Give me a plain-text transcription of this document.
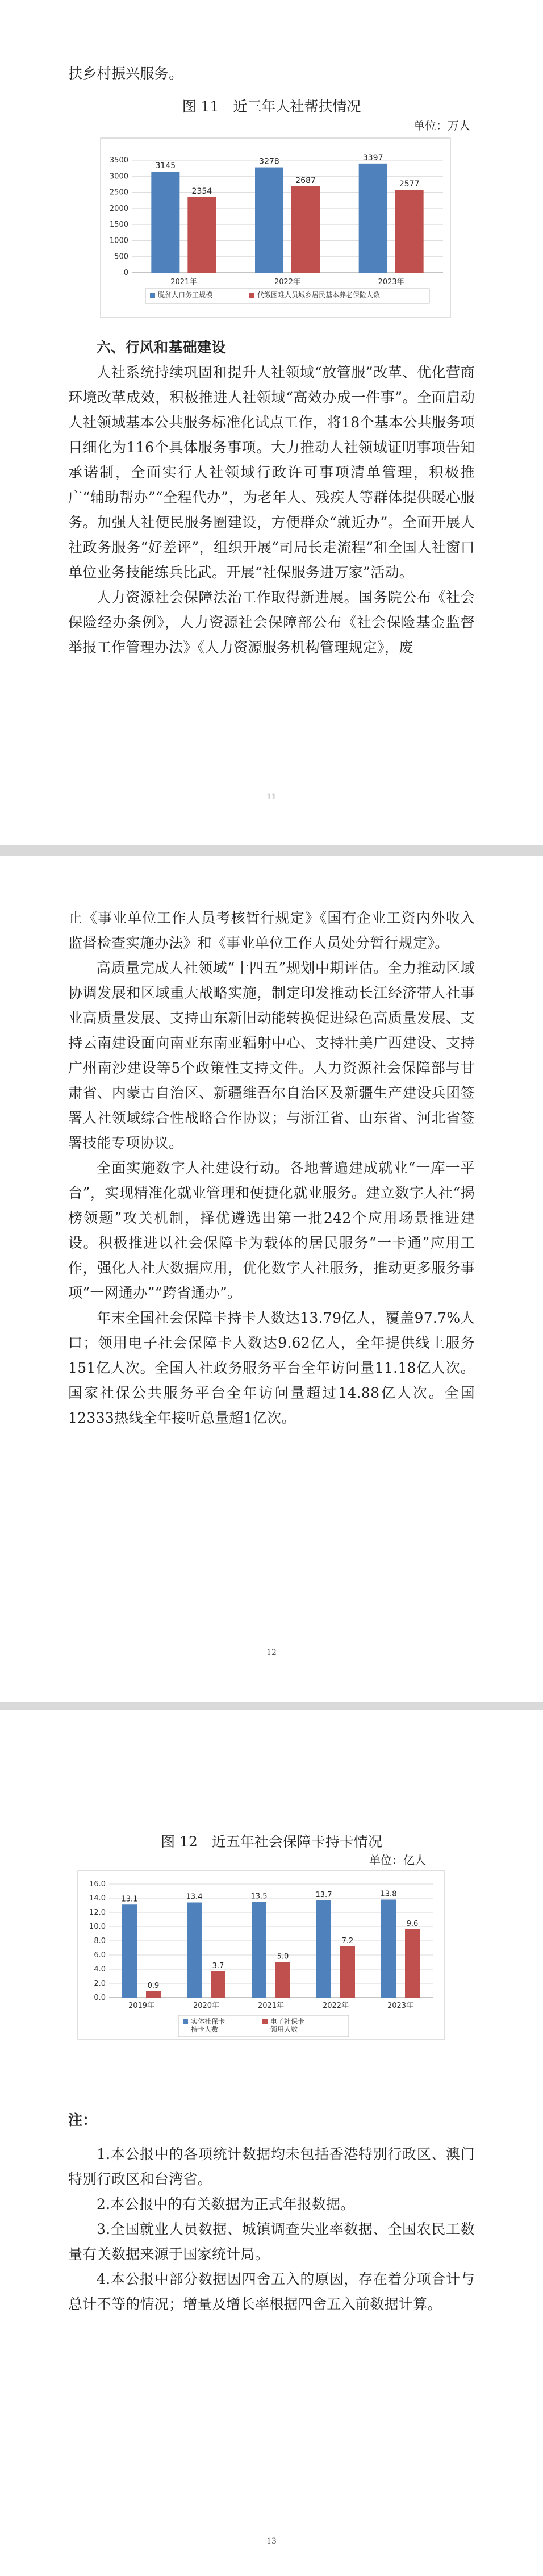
扶乡村振兴服务。

图 11　近三年人社帮扶情况
单位：万人
0
500
1000
1500
2000
2500
3000
3500
3145
2354
2021年
3278
2687
2022年
3397
2577
2023年
脱贫人口务工规模	代缴困难人员城乡居民基本养老保险人数

六、行风和基础建设

人社系统持续巩固和提升人社领域“放管服”改革、优化营商环境改革成效，积极推进人社领域“高效办成一件事”。全面启动人社领域基本公共服务标准化试点工作，将18个基本公共服务项目细化为116个具体服务事项。大力推动人社领域证明事项告知承诺制，全面实行人社领域行政许可事项清单管理，积极推广“辅助帮办”“全程代办”，为老年人、残疾人等群体提供暖心服务。加强人社便民服务圈建设，方便群众“就近办”。全面开展人社政务服务“好差评”，组织开展“司局长走流程”和全国人社窗口单位业务技能练兵比武。开展“社保服务进万家”活动。

人力资源社会保障法治工作取得新进展。国务院公布《社会保险经办条例》，人力资源社会保障部公布《社会保险基金监督举报工作管理办法》《人力资源服务机构管理规定》，废

11

止《事业单位工作人员考核暂行规定》《国有企业工资内外收入监督检查实施办法》和《事业单位工作人员处分暂行规定》。

高质量完成人社领域“十四五”规划中期评估。全力推动区域协调发展和区域重大战略实施，制定印发推动长江经济带人社事业高质量发展、支持山东新旧动能转换促进绿色高质量发展、支持云南建设面向南亚东南亚辐射中心、支持壮美广西建设、支持广州南沙建设等5个政策性支持文件。人力资源社会保障部与甘肃省、内蒙古自治区、新疆维吾尔自治区及新疆生产建设兵团签署人社领域综合性战略合作协议；与浙江省、山东省、河北省签署技能专项协议。

全面实施数字人社建设行动。各地普遍建成就业“一库一平台”，实现精准化就业管理和便捷化就业服务。建立数字人社“揭榜领题”攻关机制，择优遴选出第一批242个应用场景推进建设。积极推进以社会保障卡为载体的居民服务“一卡通”应用工作，强化人社大数据应用，优化数字人社服务，推动更多服务事项“一网通办”“跨省通办”。

年末全国社会保障卡持卡人数达13.79亿人，覆盖97.7%人口；领用电子社会保障卡人数达9.62亿人，全年提供线上服务151亿人次。全国人社政务服务平台全年访问量11.18亿人次。国家社保公共服务平台全年访问量超过14.88亿人次。全国12333热线全年接听总量超1亿次。

12
图 12　近五年社会保障卡持卡情况
单位：亿人
0.0
2.0
4.0
6.0
8.0
10.0
12.0
14.0
16.0
13.1
0.9
2019年
13.4
3.7
2020年
13.5
5.0
2021年
13.7
7.2
2022年
13.8
9.6
2023年
实体社保卡
持卡人数
电子社保卡
领用人数

注：

1.本公报中的各项统计数据均未包括香港特别行政区、澳门特别行政区和台湾省。

2.本公报中的有关数据为正式年报数据。

3.全国就业人员数据、城镇调查失业率数据、全国农民工数量有关数据来源于国家统计局。

4.本公报中部分数据因四舍五入的原因，存在着分项合计与总计不等的情况；增量及增长率根据四舍五入前数据计算。

13
